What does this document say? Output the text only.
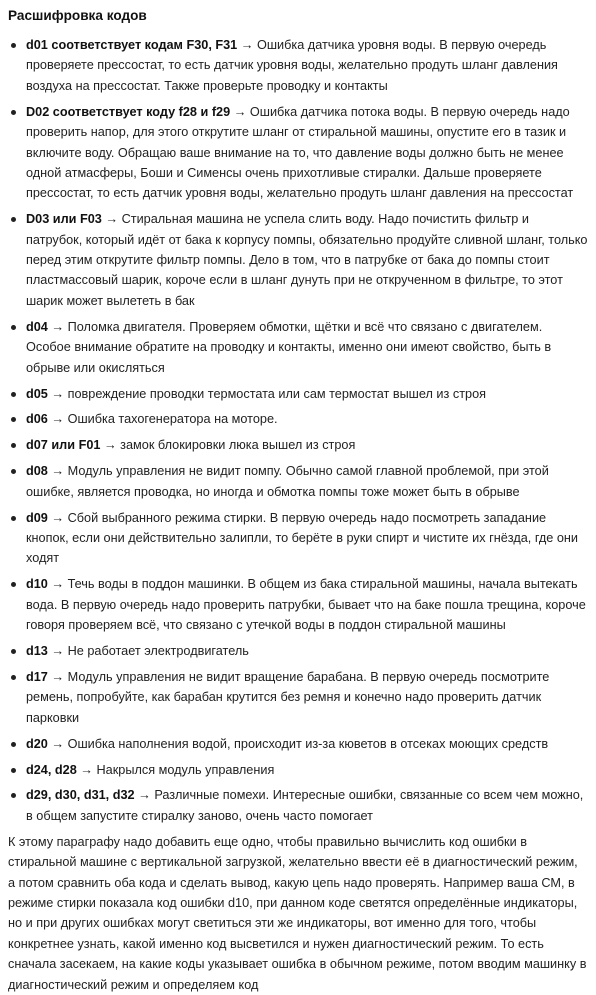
Расшифровка кодов
d01 соответствует кодам F30, F31 → Ошибка датчика уровня воды. В первую очередь проверяете прессостат, то есть датчик уровня воды, желательно продуть шланг давления воздуха на прессостат. Также проверьте проводку и контакты
D02 соответствует коду f28 и f29 → Ошибка датчика потока воды. В первую очередь надо проверить напор, для этого открутите шланг от стиральной машины, опустите его в тазик и включите воду. Обращаю ваше внимание на то, что давление воды должно быть не менее одной атмасферы, Боши и Сименсы очень прихотливые стиралки. Дальше проверяете прессостат, то есть датчик уровня воды, желательно продуть шланг давления на прессостат
D03 или F03 → Стиральная машина не успела слить воду. Надо почистить фильтр и патрубок, который идёт от бака к корпусу помпы, обязательно продуйте сливной шланг, только перед этим открутите фильтр помпы. Дело в том, что в патрубке от бака до помпы стоит пластмассовый шарик, короче если в шланг дунуть при не открученном в фильтре, то этот шарик может вылететь в бак
d04 → Поломка двигателя. Проверяем обмотки, щётки и всё что связано с двигателем. Особое внимание обратите на проводку и контакты, именно они имеют свойство, быть в обрыве или окисляться
d05 → повреждение проводки термостата или сам термостат вышел из строя
d06 → Ошибка тахогенератора на моторе.
d07 или F01 → замок блокировки люка вышел из строя
d08 → Модуль управления не видит помпу. Обычно самой главной проблемой, при этой ошибке, является проводка, но иногда и обмотка помпы тоже может быть в обрыве
d09 → Сбой выбранного режима стирки. В первую очередь надо посмотреть западание кнопок, если они действительно залипли, то берёте в руки спирт и чистите их гнёзда, где они ходят
d10 → Течь воды в поддон машинки. В общем из бака стиральной машины, начала вытекать вода. В первую очередь надо проверить патрубки, бывает что на баке пошла трещина, короче говоря проверяем всё, что связано с утечкой воды в поддон стиральной машины
d13 → Не работает электродвигатель
d17 → Модуль управления не видит вращение барабана. В первую очередь посмотрите ремень, попробуйте, как барабан крутится без ремня и конечно надо проверить датчик парковки
d20 → Ошибка наполнения водой, происходит из-за кюветов в отсеках моющих средств
d24, d28 → Накрылся модуль управления
d29, d30, d31, d32 → Различные помехи. Интересные ошибки, связанные со всем чем можно, в общем запустите стиралку заново, очень часто помогает

К этому параграфу надо добавить еще одно, чтобы правильно вычислить код ошибки в стиральной машине с вертикальной загрузкой, желательно ввести её в диагностический режим, а потом сравнить оба кода и сделать вывод, какую цепь надо проверять. Например ваша СМ, в режиме стирки показала код ошибки d10, при данном коде светятся определённые индикаторы, но и при других ошибках могут светиться эти же индикаторы, вот именно для того, чтобы конкретнее узнать, какой именно код высветился и нужен диагностический режим. То есть сначала засекаем, на какие коды указывает ошибка в обычном режиме, потом вводим машинку в диагностический режим и определяем код
